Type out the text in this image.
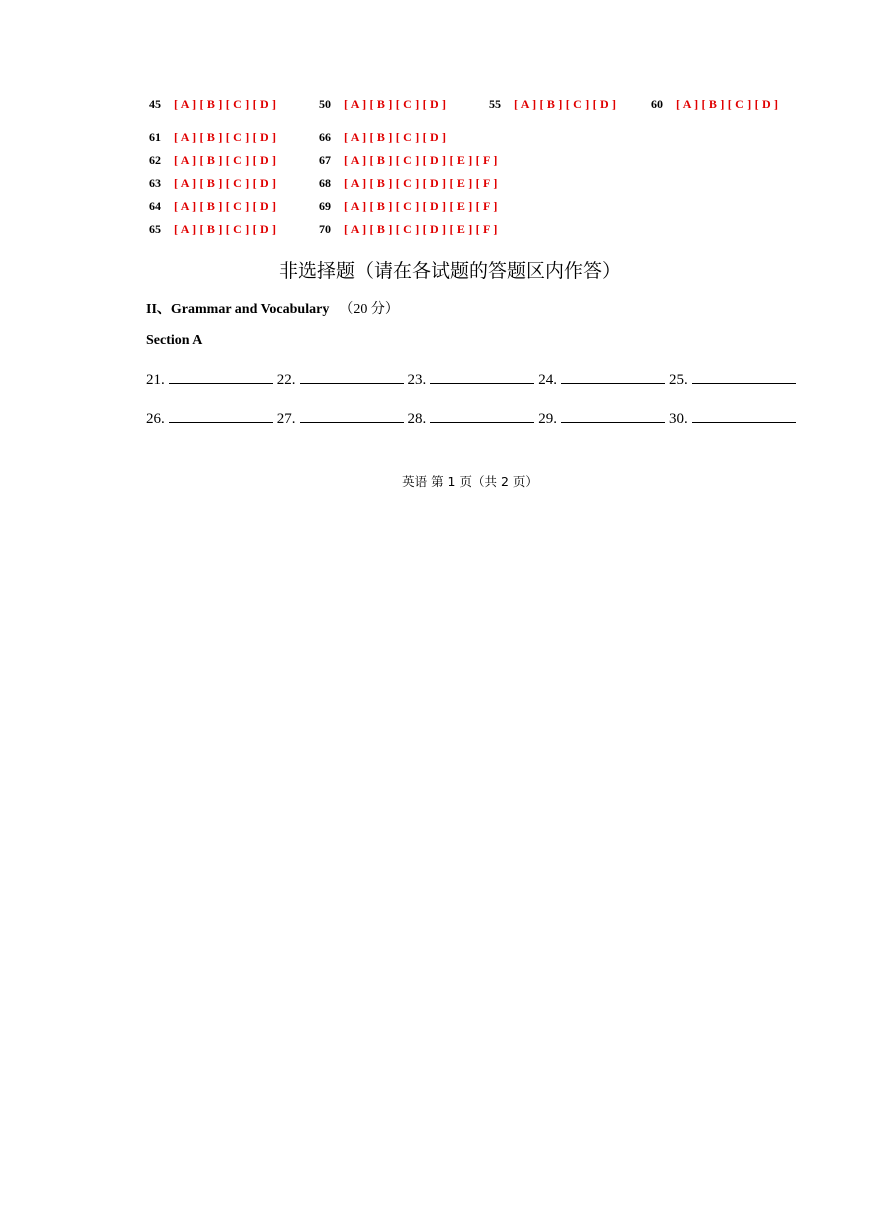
45 [ A ] [ B ] [ C ] [ D ]	50 [ A ] [ B ] [ C ] [ D ]	55 [ A ] [ B ] [ C ] [ D ]	60 [ A ] [ B ] [ C ] [ D ]
61 [ A ] [ B ] [ C ] [ D ]	66 [ A ] [ B ] [ C ] [ D ]
62 [ A ] [ B ] [ C ] [ D ]	67 [ A ] [ B ] [ C ] [ D ] [ E ] [ F ]
63 [ A ] [ B ] [ C ] [ D ]	68 [ A ] [ B ] [ C ] [ D ] [ E ] [ F ]
64 [ A ] [ B ] [ C ] [ D ]	69 [ A ] [ B ] [ C ] [ D ] [ E ] [ F ]
65 [ A ] [ B ] [ C ] [ D ]	70 [ A ] [ B ] [ C ] [ D ] [ E ] [ F ]
非选择题（请在各试题的答题区内作答）
II、Grammar and Vocabulary （20 分）
Section A
21.	22.	23.	24.	25.
26.	27.	28.	29.	30.
英语 第 1 页（共 2 页）
